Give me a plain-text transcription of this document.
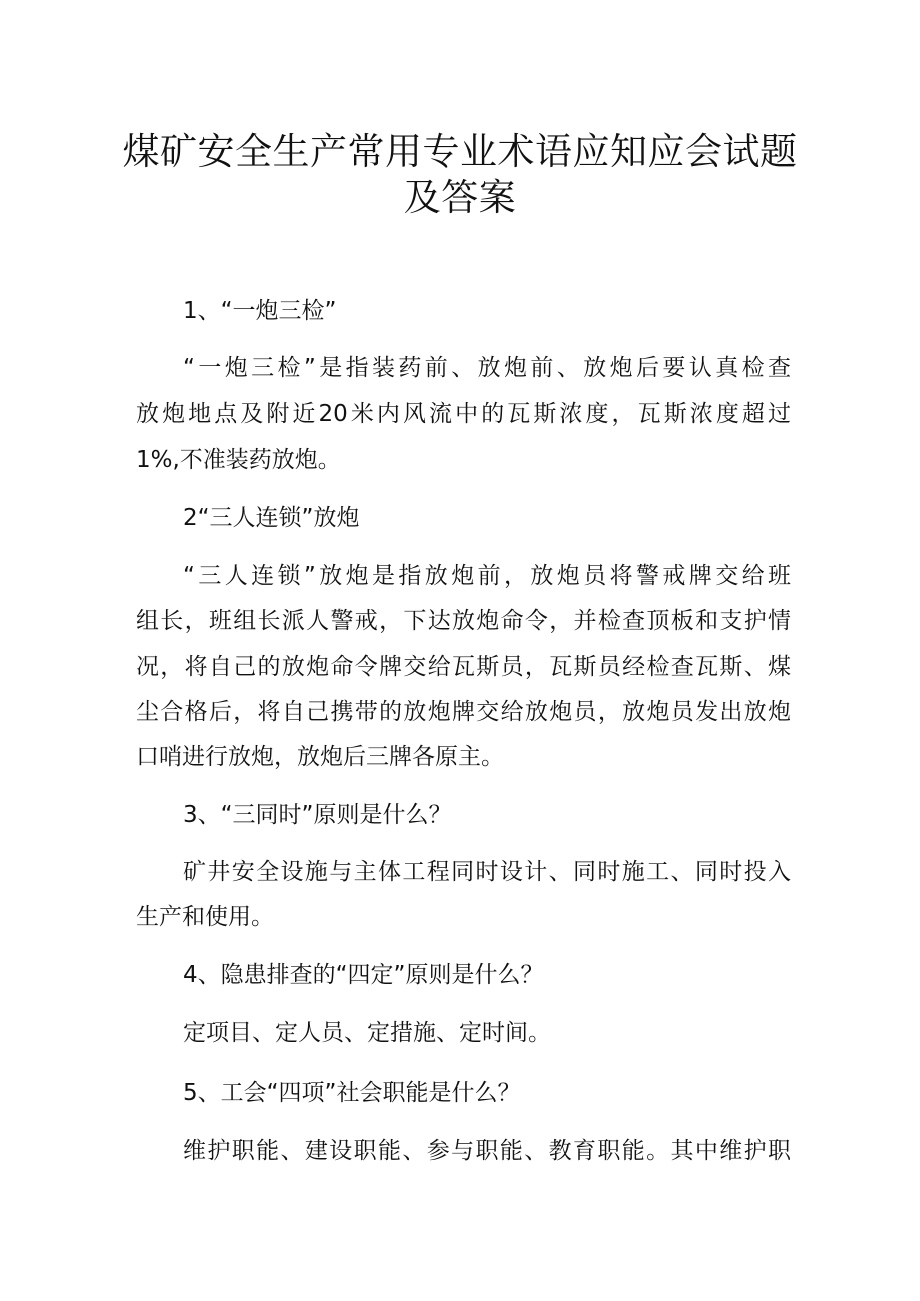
煤矿安全生产常用专业术语应知应会试题
及答案
1、“一炮三检”
“一炮三检”是指装药前、放炮前、放炮后要认真检查
放炮地点及附近20米内风流中的瓦斯浓度，瓦斯浓度超过
1%,不准装药放炮。
2“三人连锁”放炮
“三人连锁”放炮是指放炮前，放炮员将警戒牌交给班
组长，班组长派人警戒，下达放炮命令，并检查顶板和支护情
况，将自己的放炮命令牌交给瓦斯员，瓦斯员经检查瓦斯、煤
尘合格后，将自己携带的放炮牌交给放炮员，放炮员发出放炮
口哨进行放炮，放炮后三牌各原主。
3、“三同时”原则是什么？
矿井安全设施与主体工程同时设计、同时施工、同时投入
生产和使用。
4、隐患排查的“四定”原则是什么？
定项目、定人员、定措施、定时间。
5、工会“四项”社会职能是什么？
维护职能、建设职能、参与职能、教育职能。其中维护职
